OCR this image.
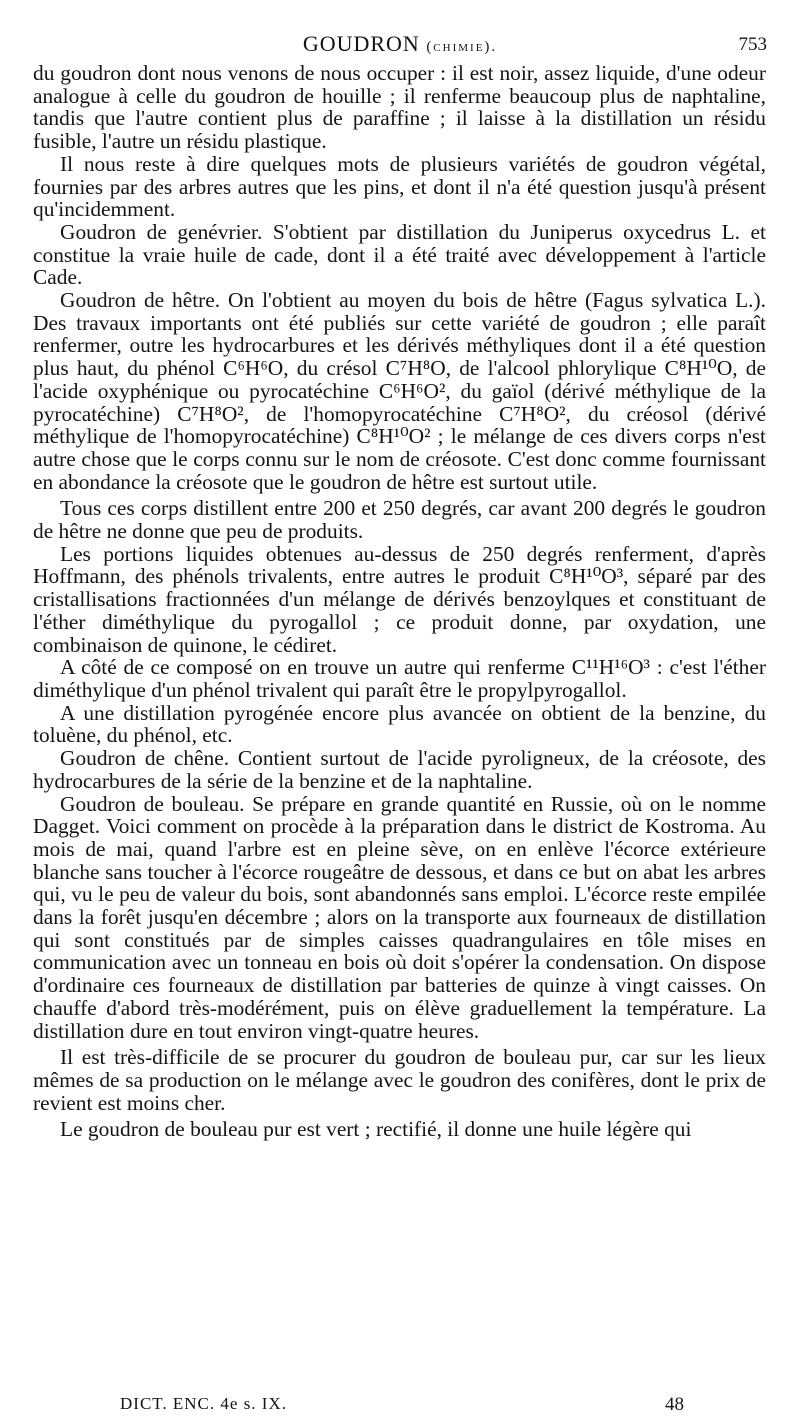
GOUDRON (chimie).	753

du goudron dont nous venons de nous occuper : il est noir, assez liquide, d'une odeur analogue à celle du goudron de houille ; il renferme beaucoup plus de naphtaline, tandis que l'autre contient plus de paraffine ; il laisse à la distillation un résidu fusible, l'autre un résidu plastique.

Il nous reste à dire quelques mots de plusieurs variétés de goudron végétal, fournies par des arbres autres que les pins, et dont il n'a été question jusqu'à présent qu'incidemment.

Goudron de genévrier. S'obtient par distillation du Juniperus oxycedrus L. et constitue la vraie huile de cade, dont il a été traité avec développement à l'article Cade.

Goudron de hêtre. On l'obtient au moyen du bois de hêtre (Fagus sylvatica L.). Des travaux importants ont été publiés sur cette variété de goudron ; elle paraît renfermer, outre les hydrocarbures et les dérivés méthyliques dont il a été question plus haut, du phénol C⁶H⁶O, du crésol C⁷H⁸O, de l'alcool phlorylique C⁸H¹⁰O, de l'acide oxyphénique ou pyrocatéchine C⁶H⁶O², du gaïol (dérivé méthylique de la pyrocatéchine) C⁷H⁸O², de l'homopyrocatéchine C⁷H⁸O², du créosol (dérivé méthylique de l'homopyrocatéchine) C⁸H¹⁰O² ; le mélange de ces divers corps n'est autre chose que le corps connu sur le nom de créosote. C'est donc comme fournissant en abondance la créosote que le goudron de hêtre est surtout utile.

Tous ces corps distillent entre 200 et 250 degrés, car avant 200 degrés le goudron de hêtre ne donne que peu de produits.

Les portions liquides obtenues au-dessus de 250 degrés renferment, d'après Hoffmann, des phénols trivalents, entre autres le produit C⁸H¹⁰O³, séparé par des cristallisations fractionnées d'un mélange de dérivés benzoylques et constituant de l'éther diméthylique du pyrogallol ; ce produit donne, par oxydation, une combinaison de quinone, le cédiret.

A côté de ce composé on en trouve un autre qui renferme C¹¹H¹⁶O³ : c'est l'éther diméthylique d'un phénol trivalent qui paraît être le propylpyrogallol.

A une distillation pyrogénée encore plus avancée on obtient de la benzine, du toluène, du phénol, etc.

Goudron de chêne. Contient surtout de l'acide pyroligneux, de la créosote, des hydrocarbures de la série de la benzine et de la naphtaline.

Goudron de bouleau. Se prépare en grande quantité en Russie, où on le nomme Dagget. Voici comment on procède à la préparation dans le district de Kostroma. Au mois de mai, quand l'arbre est en pleine sève, on en enlève l'écorce extérieure blanche sans toucher à l'écorce rougeâtre de dessous, et dans ce but on abat les arbres qui, vu le peu de valeur du bois, sont abandonnés sans emploi. L'écorce reste empilée dans la forêt jusqu'en décembre ; alors on la transporte aux fourneaux de distillation qui sont constitués par de simples caisses quadrangulaires en tôle mises en communication avec un tonneau en bois où doit s'opérer la condensation. On dispose d'ordinaire ces fourneaux de distillation par batteries de quinze à vingt caisses. On chauffe d'abord très-modérément, puis on élève graduellement la température. La distillation dure en tout environ vingt-quatre heures.

Il est très-difficile de se procurer du goudron de bouleau pur, car sur les lieux mêmes de sa production on le mélange avec le goudron des conifères, dont le prix de revient est moins cher.

Le goudron de bouleau pur est vert ; rectifié, il donne une huile légère qui

DICT. ENC. 4e s. IX.	48
